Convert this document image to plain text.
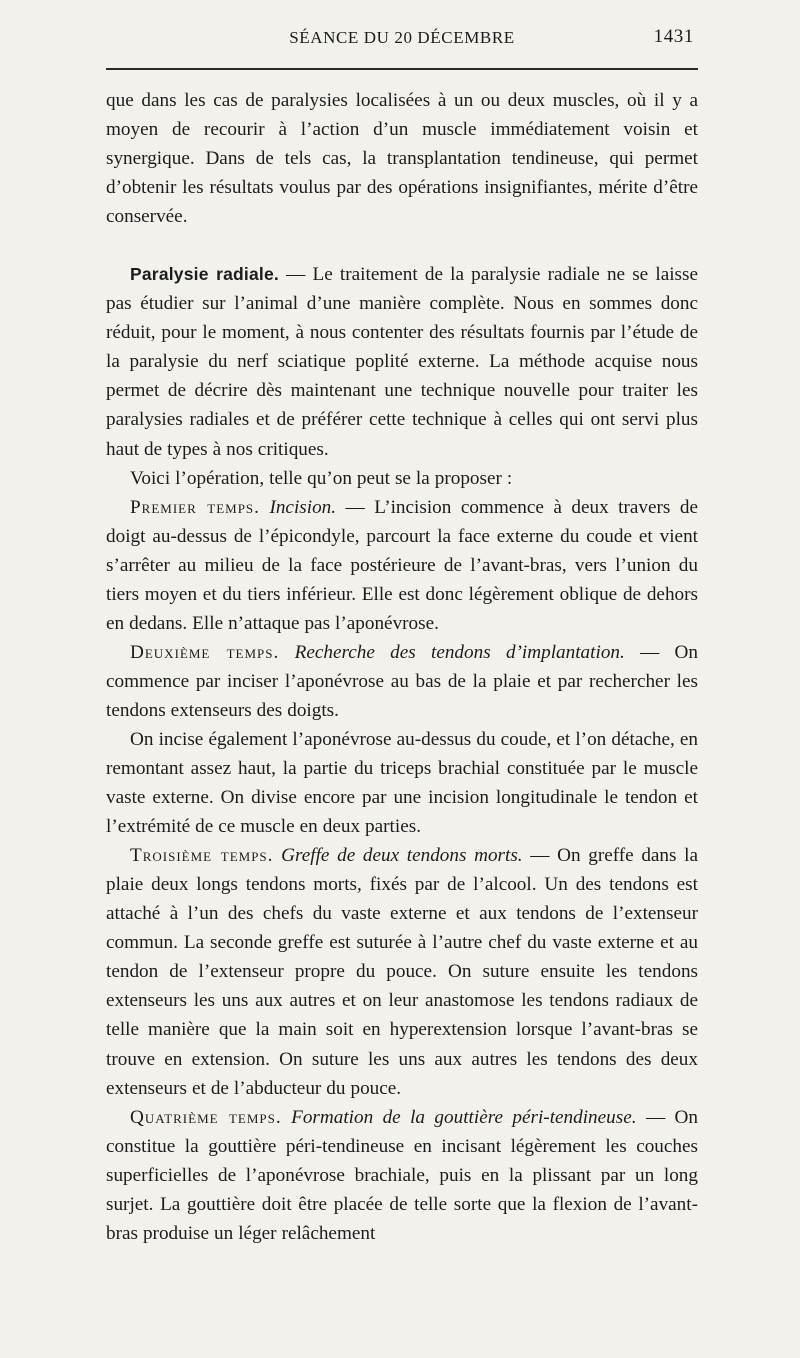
SÉANCE DU 20 DÉCEMBRE	1431

que dans les cas de paralysies localisées à un ou deux muscles, où il y a moyen de recourir à l’action d’un muscle immédiatement voisin et synergique. Dans de tels cas, la transplantation tendineuse, qui permet d’obtenir les résultats voulus par des opérations insignifiantes, mérite d’être conservée.

Paralysie radiale. — Le traitement de la paralysie radiale ne se laisse pas étudier sur l’animal d’une manière complète. Nous en sommes donc réduit, pour le moment, à nous contenter des résultats fournis par l’étude de la paralysie du nerf sciatique poplité externe. La méthode acquise nous permet de décrire dès maintenant une technique nouvelle pour traiter les paralysies radiales et de préférer cette technique à celles qui ont servi plus haut de types à nos critiques.

Voici l’opération, telle qu’on peut se la proposer :

Premier temps. Incision. — L’incision commence à deux travers de doigt au-dessus de l’épicondyle, parcourt la face externe du coude et vient s’arrêter au milieu de la face postérieure de l’avant-bras, vers l’union du tiers moyen et du tiers inférieur. Elle est donc légèrement oblique de dehors en dedans. Elle n’attaque pas l’aponévrose.

Deuxième temps. Recherche des tendons d’implantation. — On commence par inciser l’aponévrose au bas de la plaie et par rechercher les tendons extenseurs des doigts.

On incise également l’aponévrose au-dessus du coude, et l’on détache, en remontant assez haut, la partie du triceps brachial constituée par le muscle vaste externe. On divise encore par une incision longitudinale le tendon et l’extrémité de ce muscle en deux parties.

Troisième temps. Greffe de deux tendons morts. — On greffe dans la plaie deux longs tendons morts, fixés par de l’alcool. Un des tendons est attaché à l’un des chefs du vaste externe et aux tendons de l’extenseur commun. La seconde greffe est suturée à l’autre chef du vaste externe et au tendon de l’extenseur propre du pouce. On suture ensuite les tendons extenseurs les uns aux autres et on leur anastomose les tendons radiaux de telle manière que la main soit en hyperextension lorsque l’avant-bras se trouve en extension. On suture les uns aux autres les tendons des deux extenseurs et de l’abducteur du pouce.

Quatrième temps. Formation de la gouttière péri-tendineuse. — On constitue la gouttière péri-tendineuse en incisant légèrement les couches superficielles de l’aponévrose brachiale, puis en la plissant par un long surjet. La gouttière doit être placée de telle sorte que la flexion de l’avant-bras produise un léger relâchement
